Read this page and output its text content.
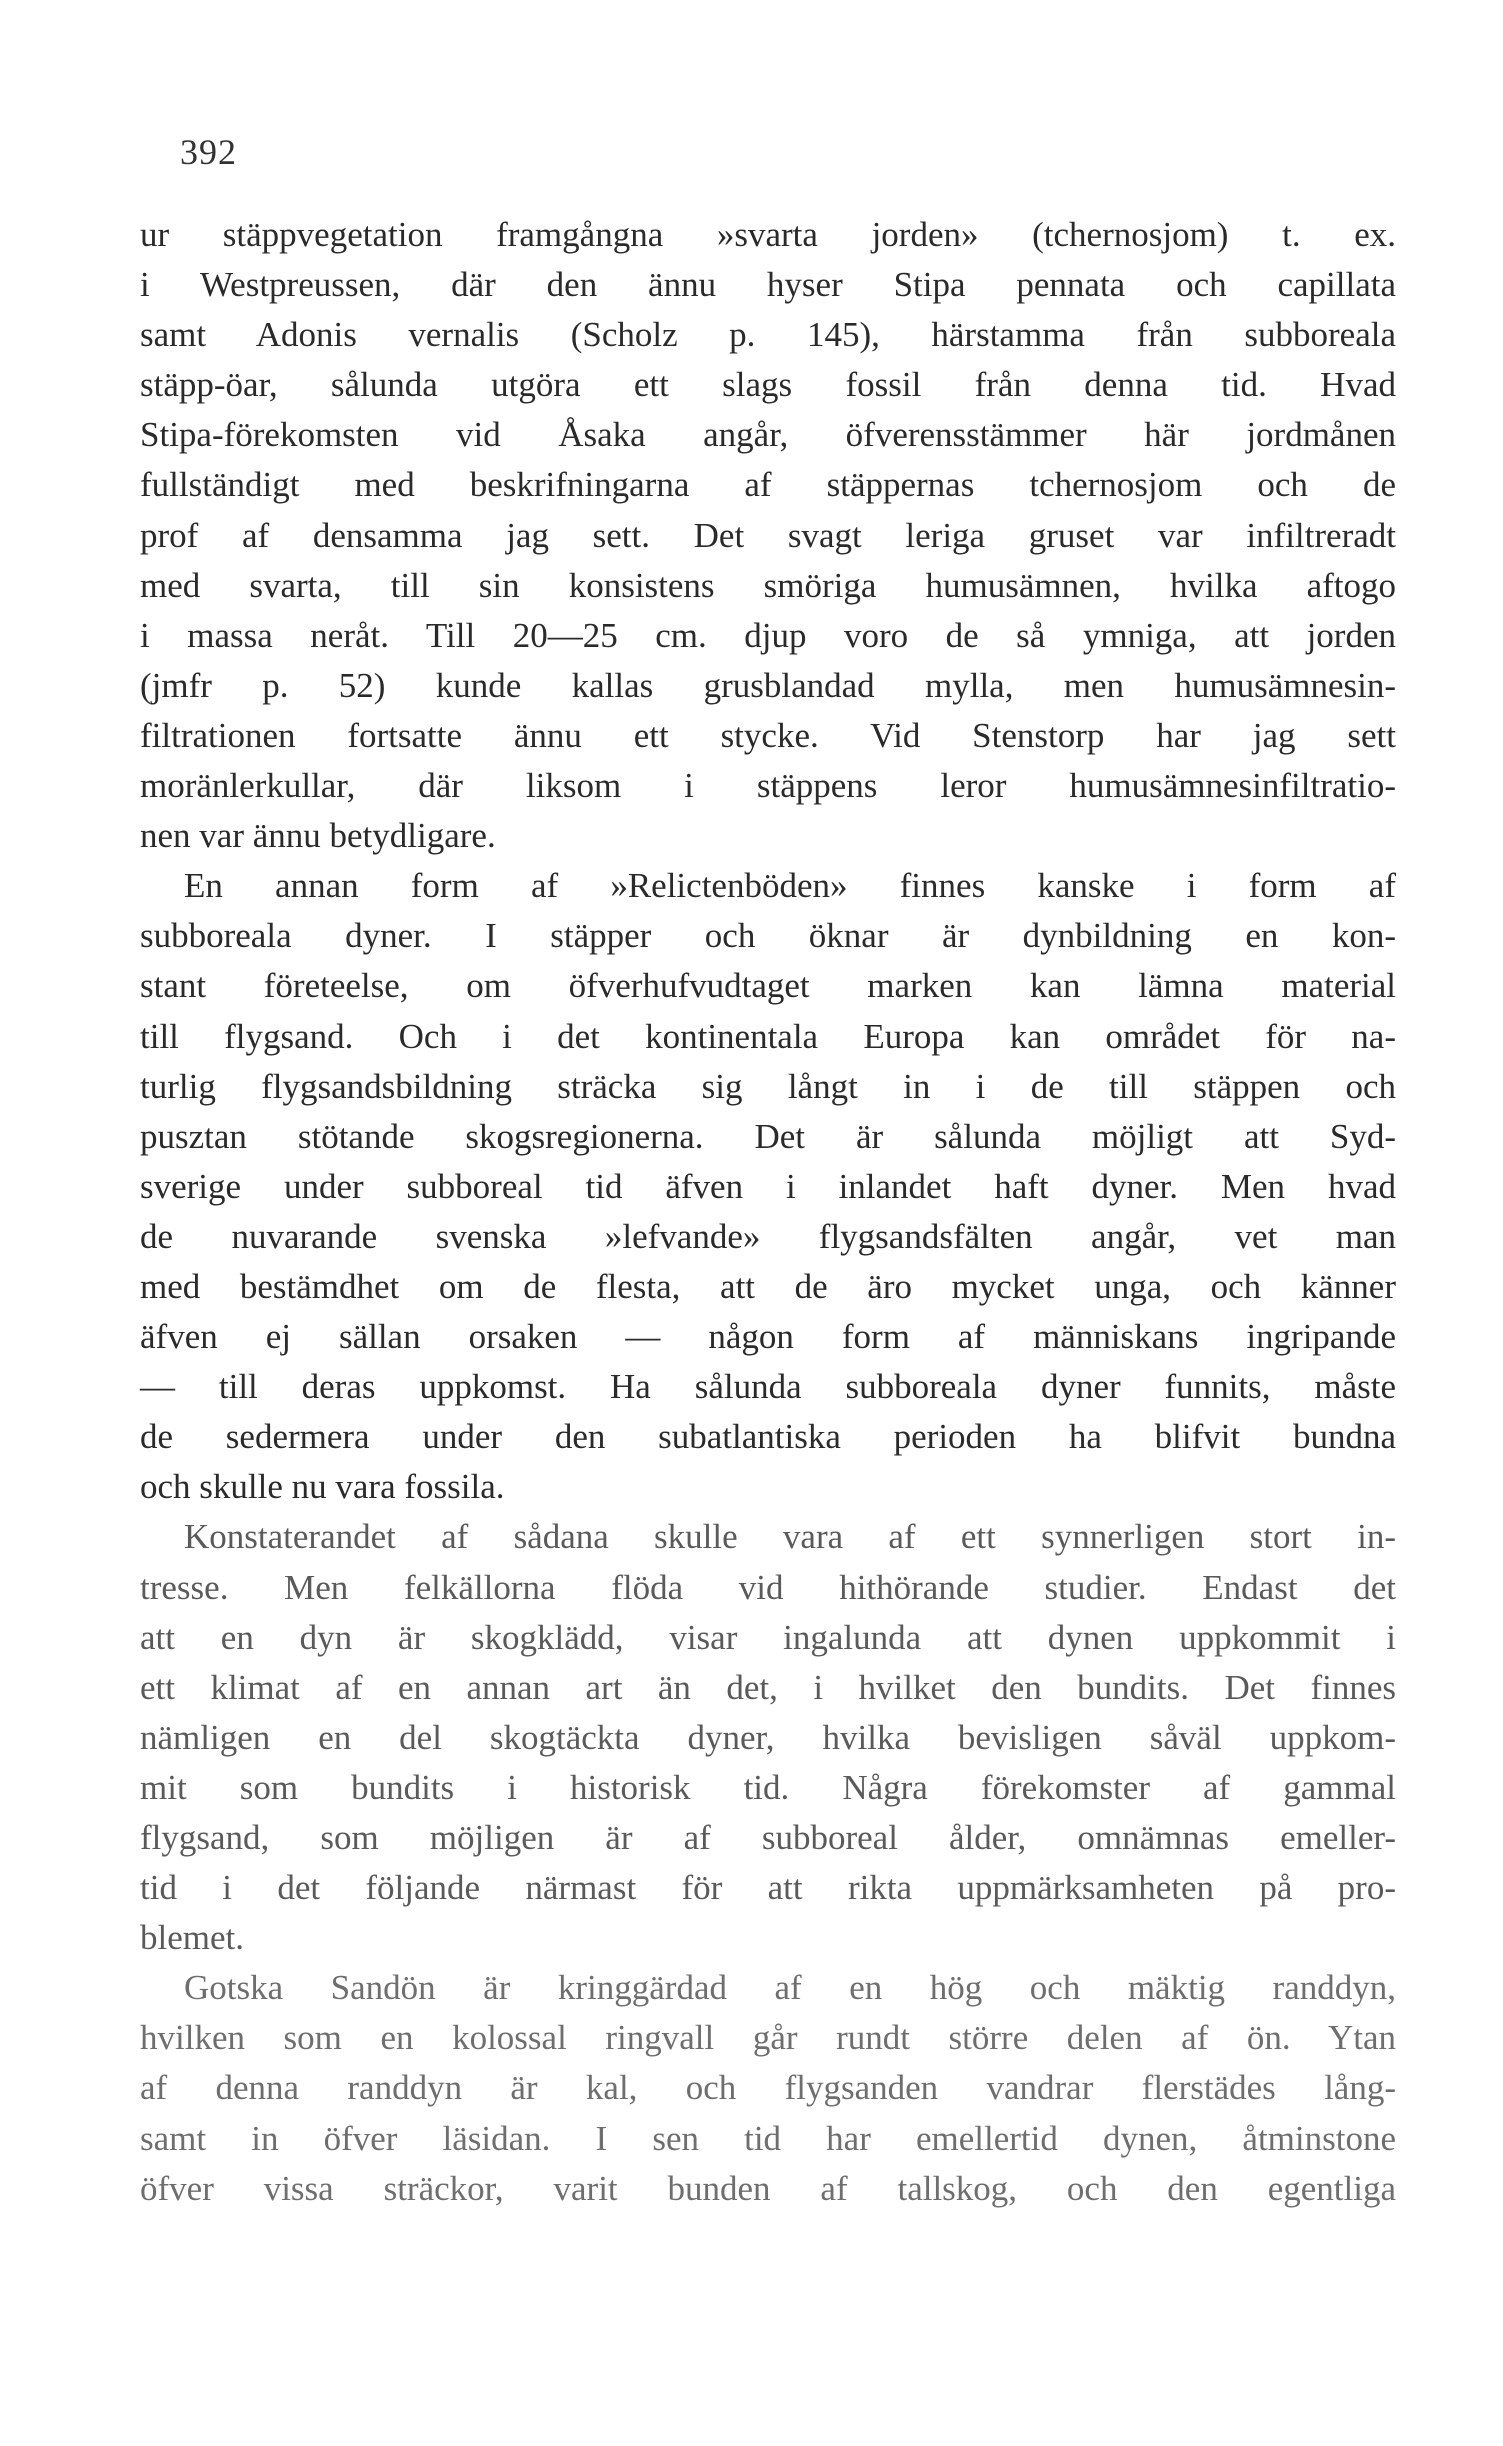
392
ur stäppvegetation framgångna »svarta jorden» (tchernosjom) t. ex.
i Westpreussen, där den ännu hyser Stipa pennata och capillata
samt Adonis vernalis (Scholz p. 145), härstamma från subboreala
stäpp-öar, sålunda utgöra ett slags fossil från denna tid. Hvad
Stipa-förekomsten vid Åsaka angår, öfverensstämmer här jordmånen
fullständigt med beskrifningarna af stäppernas tchernosjom och de
prof af densamma jag sett. Det svagt leriga gruset var infiltreradt
med svarta, till sin konsistens smöriga humusämnen, hvilka aftogo
i massa neråt. Till 20—25 cm. djup voro de så ymniga, att jorden
(jmfr p. 52) kunde kallas grusblandad mylla, men humusämnesin-
filtrationen fortsatte ännu ett stycke. Vid Stenstorp har jag sett
moränlerkullar, där liksom i stäppens leror humusämnesinfiltratio-
nen var ännu betydligare.
En annan form af »Relictenböden» finnes kanske i form af
subboreala dyner. I stäpper och öknar är dynbildning en kon-
stant företeelse, om öfverhufvudtaget marken kan lämna material
till flygsand. Och i det kontinentala Europa kan området för na-
turlig flygsandsbildning sträcka sig långt in i de till stäppen och
pusztan stötande skogsregionerna. Det är sålunda möjligt att Syd-
sverige under subboreal tid äfven i inlandet haft dyner. Men hvad
de nuvarande svenska »lefvande» flygsandsfälten angår, vet man
med bestämdhet om de flesta, att de äro mycket unga, och känner
äfven ej sällan orsaken — någon form af människans ingripande
— till deras uppkomst. Ha sålunda subboreala dyner funnits, måste
de sedermera under den subatlantiska perioden ha blifvit bundna
och skulle nu vara fossila.
Konstaterandet af sådana skulle vara af ett synnerligen stort in-
tresse. Men felkällorna flöda vid hithörande studier. Endast det
att en dyn är skogklädd, visar ingalunda att dynen uppkommit i
ett klimat af en annan art än det, i hvilket den bundits. Det finnes
nämligen en del skogtäckta dyner, hvilka bevisligen såväl uppkom-
mit som bundits i historisk tid. Några förekomster af gammal
flygsand, som möjligen är af subboreal ålder, omnämnas emeller-
tid i det följande närmast för att rikta uppmärksamheten på pro-
blemet.
Gotska Sandön är kringgärdad af en hög och mäktig randdyn,
hvilken som en kolossal ringvall går rundt större delen af ön. Ytan
af denna randdyn är kal, och flygsanden vandrar flerstädes lång-
samt in öfver läsidan. I sen tid har emellertid dynen, åtminstone
öfver vissa sträckor, varit bunden af tallskog, och den egentliga
